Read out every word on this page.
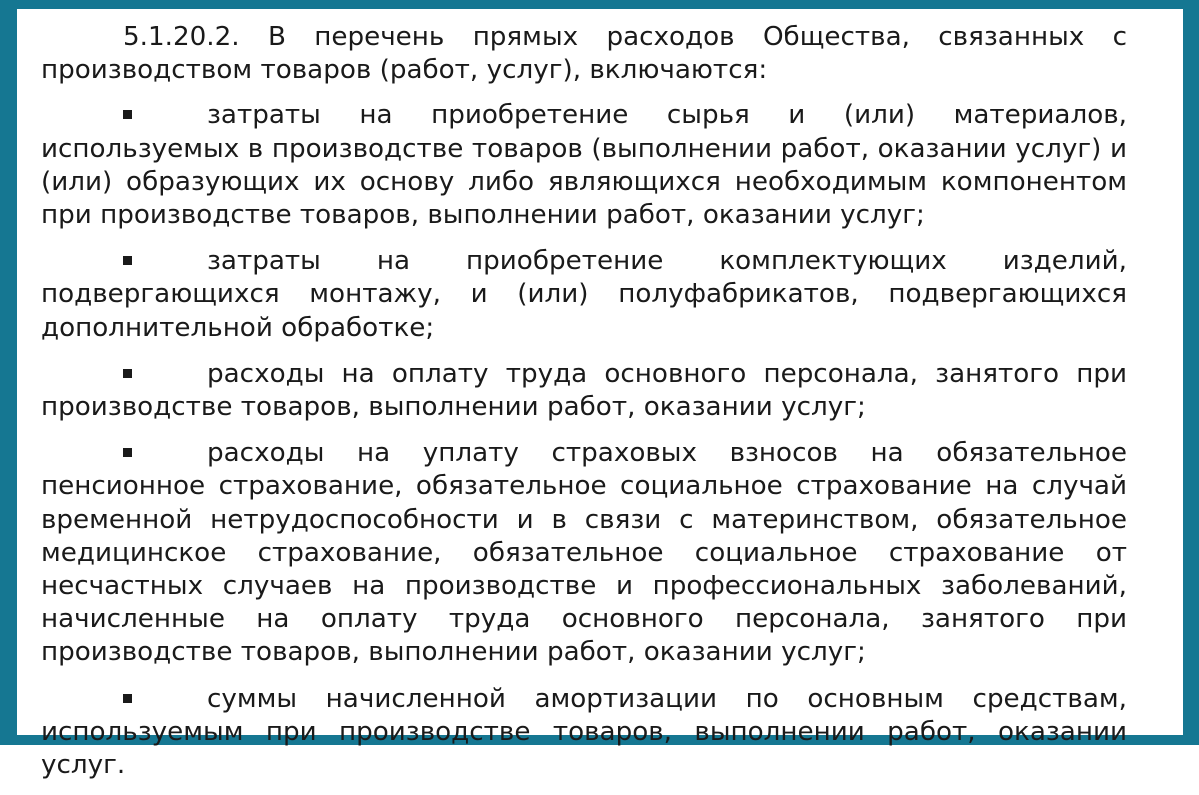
5.1.20.2. В перечень прямых расходов Общества, связанных с производством товаров (работ, услуг), включаются:

затраты на приобретение сырья и (или) материалов, используемых в производстве товаров (выполнении работ, оказании услуг) и (или) образующих их основу либо являющихся необходимым компонентом при производстве товаров, выполнении работ, оказании услуг;

затраты на приобретение комплектующих изделий, подвергающихся монтажу, и (или) полуфабрикатов, подвергающихся дополнительной обработке;

расходы на оплату труда основного персонала, занятого при производстве товаров, выполнении работ, оказании услуг;

расходы на уплату страховых взносов на обязательное пенсионное страхование, обязательное социальное страхование на случай временной нетрудоспособности и в связи с материнством, обязательное медицинское страхование, обязательное социальное страхование от несчастных случаев на производстве и профессиональных заболеваний, начисленные на оплату труда основного персонала, занятого при производстве товаров, выполнении работ, оказании услуг;

суммы начисленной амортизации по основным средствам, используемым при производстве товаров, выполнении работ, оказании услуг.
